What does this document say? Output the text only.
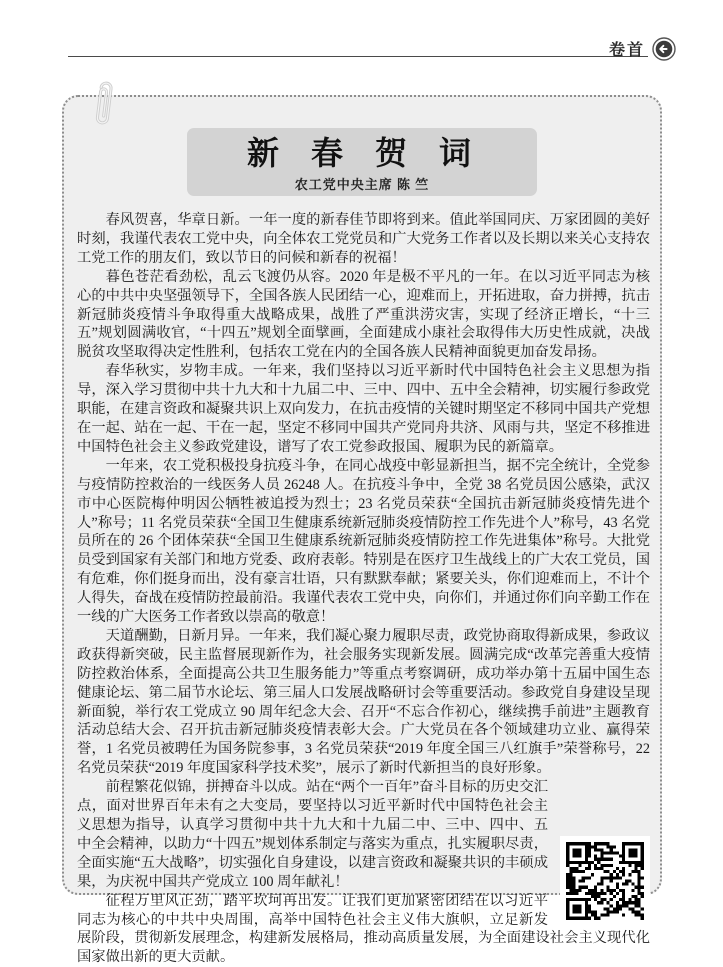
卷首
新 春 贺 词
农工党中央主席 陈 竺

春风贺喜，华章日新。一年一度的新春佳节即将到来。值此举国同庆、万家团圆的美好时刻，我谨代表农工党中央，向全体农工党党员和广大党务工作者以及长期以来关心支持农工党工作的朋友们，致以节日的问候和新春的祝福！

暮色苍茫看劲松，乱云飞渡仍从容。2020 年是极不平凡的一年。在以习近平同志为核心的中共中央坚强领导下，全国各族人民团结一心，迎难而上，开拓进取，奋力拼搏，抗击新冠肺炎疫情斗争取得重大战略成果，战胜了严重洪涝灾害，实现了经济正增长，“十三五”规划圆满收官，“十四五”规划全面擘画，全面建成小康社会取得伟大历史性成就，决战脱贫攻坚取得决定性胜利，包括农工党在内的全国各族人民精神面貌更加奋发昂扬。

春华秋实，岁物丰成。一年来，我们坚持以习近平新时代中国特色社会主义思想为指导，深入学习贯彻中共十九大和十九届二中、三中、四中、五中全会精神，切实履行参政党职能，在建言资政和凝聚共识上双向发力，在抗击疫情的关键时期坚定不移同中国共产党想在一起、站在一起、干在一起，坚定不移同中国共产党同舟共济、风雨与共，坚定不移推进中国特色社会主义参政党建设，谱写了农工党参政报国、履职为民的新篇章。

一年来，农工党积极投身抗疫斗争，在同心战疫中彰显新担当，据不完全统计，全党参与疫情防控救治的一线医务人员 26248 人。在抗疫斗争中，全党 38 名党员因公感染，武汉市中心医院梅仲明因公牺牲被追授为烈士；23 名党员荣获“全国抗击新冠肺炎疫情先进个人”称号；11 名党员荣获“全国卫生健康系统新冠肺炎疫情防控工作先进个人”称号，43 名党员所在的 26 个团体荣获“全国卫生健康系统新冠肺炎疫情防控工作先进集体”称号。大批党员受到国家有关部门和地方党委、政府表彰。特别是在医疗卫生战线上的广大农工党员，国有危难，你们挺身而出，没有豪言壮语，只有默默奉献；紧要关头，你们迎难而上，不计个人得失，奋战在疫情防控最前沿。我谨代表农工党中央，向你们，并通过你们向辛勤工作在一线的广大医务工作者致以崇高的敬意！

天道酬勤，日新月异。一年来，我们凝心聚力履职尽责，政党协商取得新成果，参政议政获得新突破，民主监督展现新作为，社会服务实现新发展。圆满完成“改革完善重大疫情防控救治体系，全面提高公共卫生服务能力”等重点考察调研，成功举办第十五届中国生态健康论坛、第二届节水论坛、第三届人口发展战略研讨会等重要活动。参政党自身建设呈现新面貌，举行农工党成立 90 周年纪念大会、召开“不忘合作初心，继续携手前进”主题教育活动总结大会、召开抗击新冠肺炎疫情表彰大会。广大党员在各个领域建功立业、赢得荣誉，1 名党员被聘任为国务院参事，3 名党员荣获“2019 年度全国三八红旗手”荣誉称号，22 名党员荣获“2019 年度国家科学技术奖”，展示了新时代新担当的良好形象。

前程繁花似锦，拼搏奋斗以成。站在“两个一百年”奋斗目标的历史交汇点，面对世界百年未有之大变局，要坚持以习近平新时代中国特色社会主义思想为指导，认真学习贯彻中共十九大和十九届二中、三中、四中、五中全会精神，以助力“十四五”规划体系制定与落实为重点，扎实履职尽责，全面实施“五大战略”，切实强化自身建设，以建言资政和凝聚共识的丰硕成果，为庆祝中国共产党成立 100 周年献礼！

征程万里风正劲，踏平坎坷再出发。让我们更加紧密团结在以习近平同志为核心的中共中央周围，高举中国特色社会主义伟大旗帜，立足新发展阶段，贯彻新发展理念，构建新发展格局，推动高质量发展，为全面建设社会主义现代化国家做出新的更大贡献。
